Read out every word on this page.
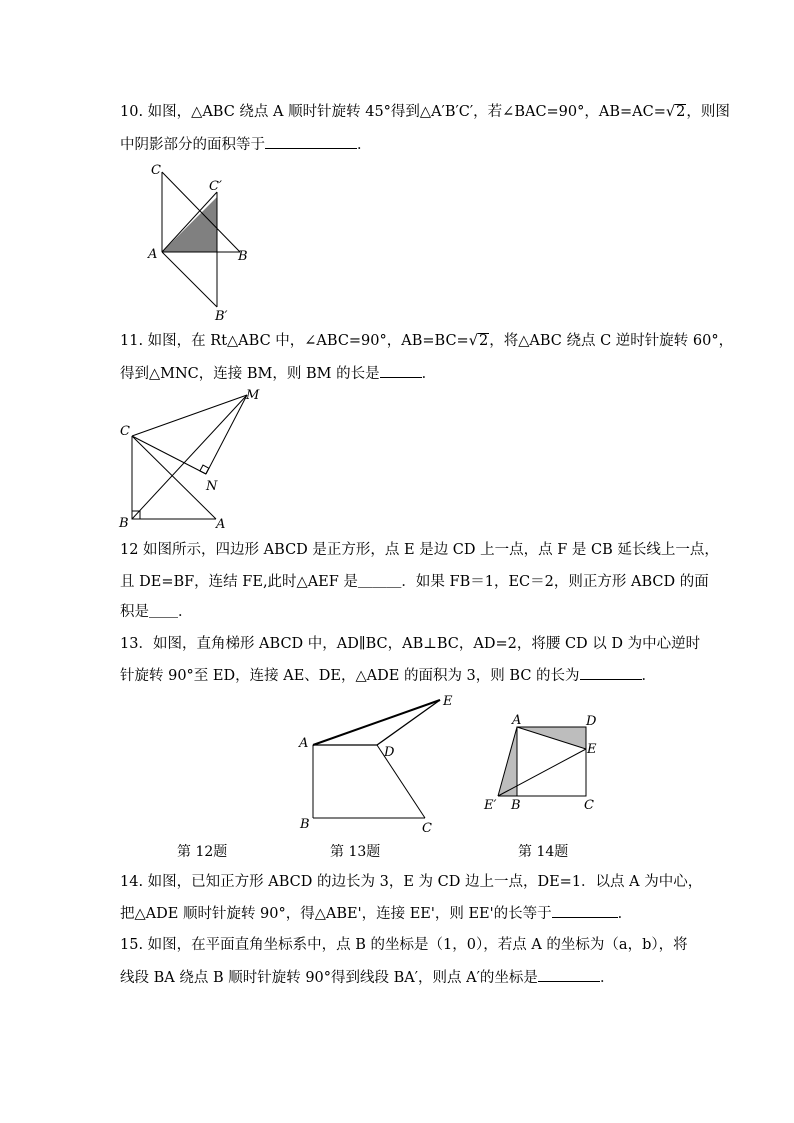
10. 如图，△ABC 绕点 A 顺时针旋转 45°得到△A′B′C′，若∠BAC=90°，AB=AC=√2，则图
中阴影部分的面积等于	．
C
C′
A	B
B′
11. 如图，在 Rt△ABC 中，∠ABC=90°，AB=BC=√2，将△ABC 绕点 C 逆时针旋转 60°，
得到△MNC，连接 BM，则 BM 的长是	．
M
C
N
B	A
12 如图所示，四边形 ABCD 是正方形，点 E 是边 CD 上一点，点 F 是 CB 延长线上一点，
且 DE=BF，连结 FE,此时△AEF 是＿＿＿．如果 FB＝1，EC＝2，则正方形 ABCD 的面
积是＿＿．
13．如图，直角梯形 ABCD 中，AD∥BC，AB⊥BC，AD=2，将腰 CD 以 D 为中心逆时
针旋转 90°至 ED，连接 AE、DE，△ADE 的面积为 3，则 BC 的长为	．
E
A
D
B	C
A	D
E
E′ B	C
第 12题	第 13题	第 14题
14. 如图，已知正方形 ABCD 的边长为 3，E 为 CD 边上一点，DE=1．以点 A 为中心，
把△ADE 顺时针旋转 90°，得△ABE'，连接 EE'，则 EE'的长等于	．
15. 如图，在平面直角坐标系中，点 B 的坐标是（1，0），若点 A 的坐标为（a，b），将
线段 BA 绕点 B 顺时针旋转 90°得到线段 BA′，则点 A′的坐标是	．
